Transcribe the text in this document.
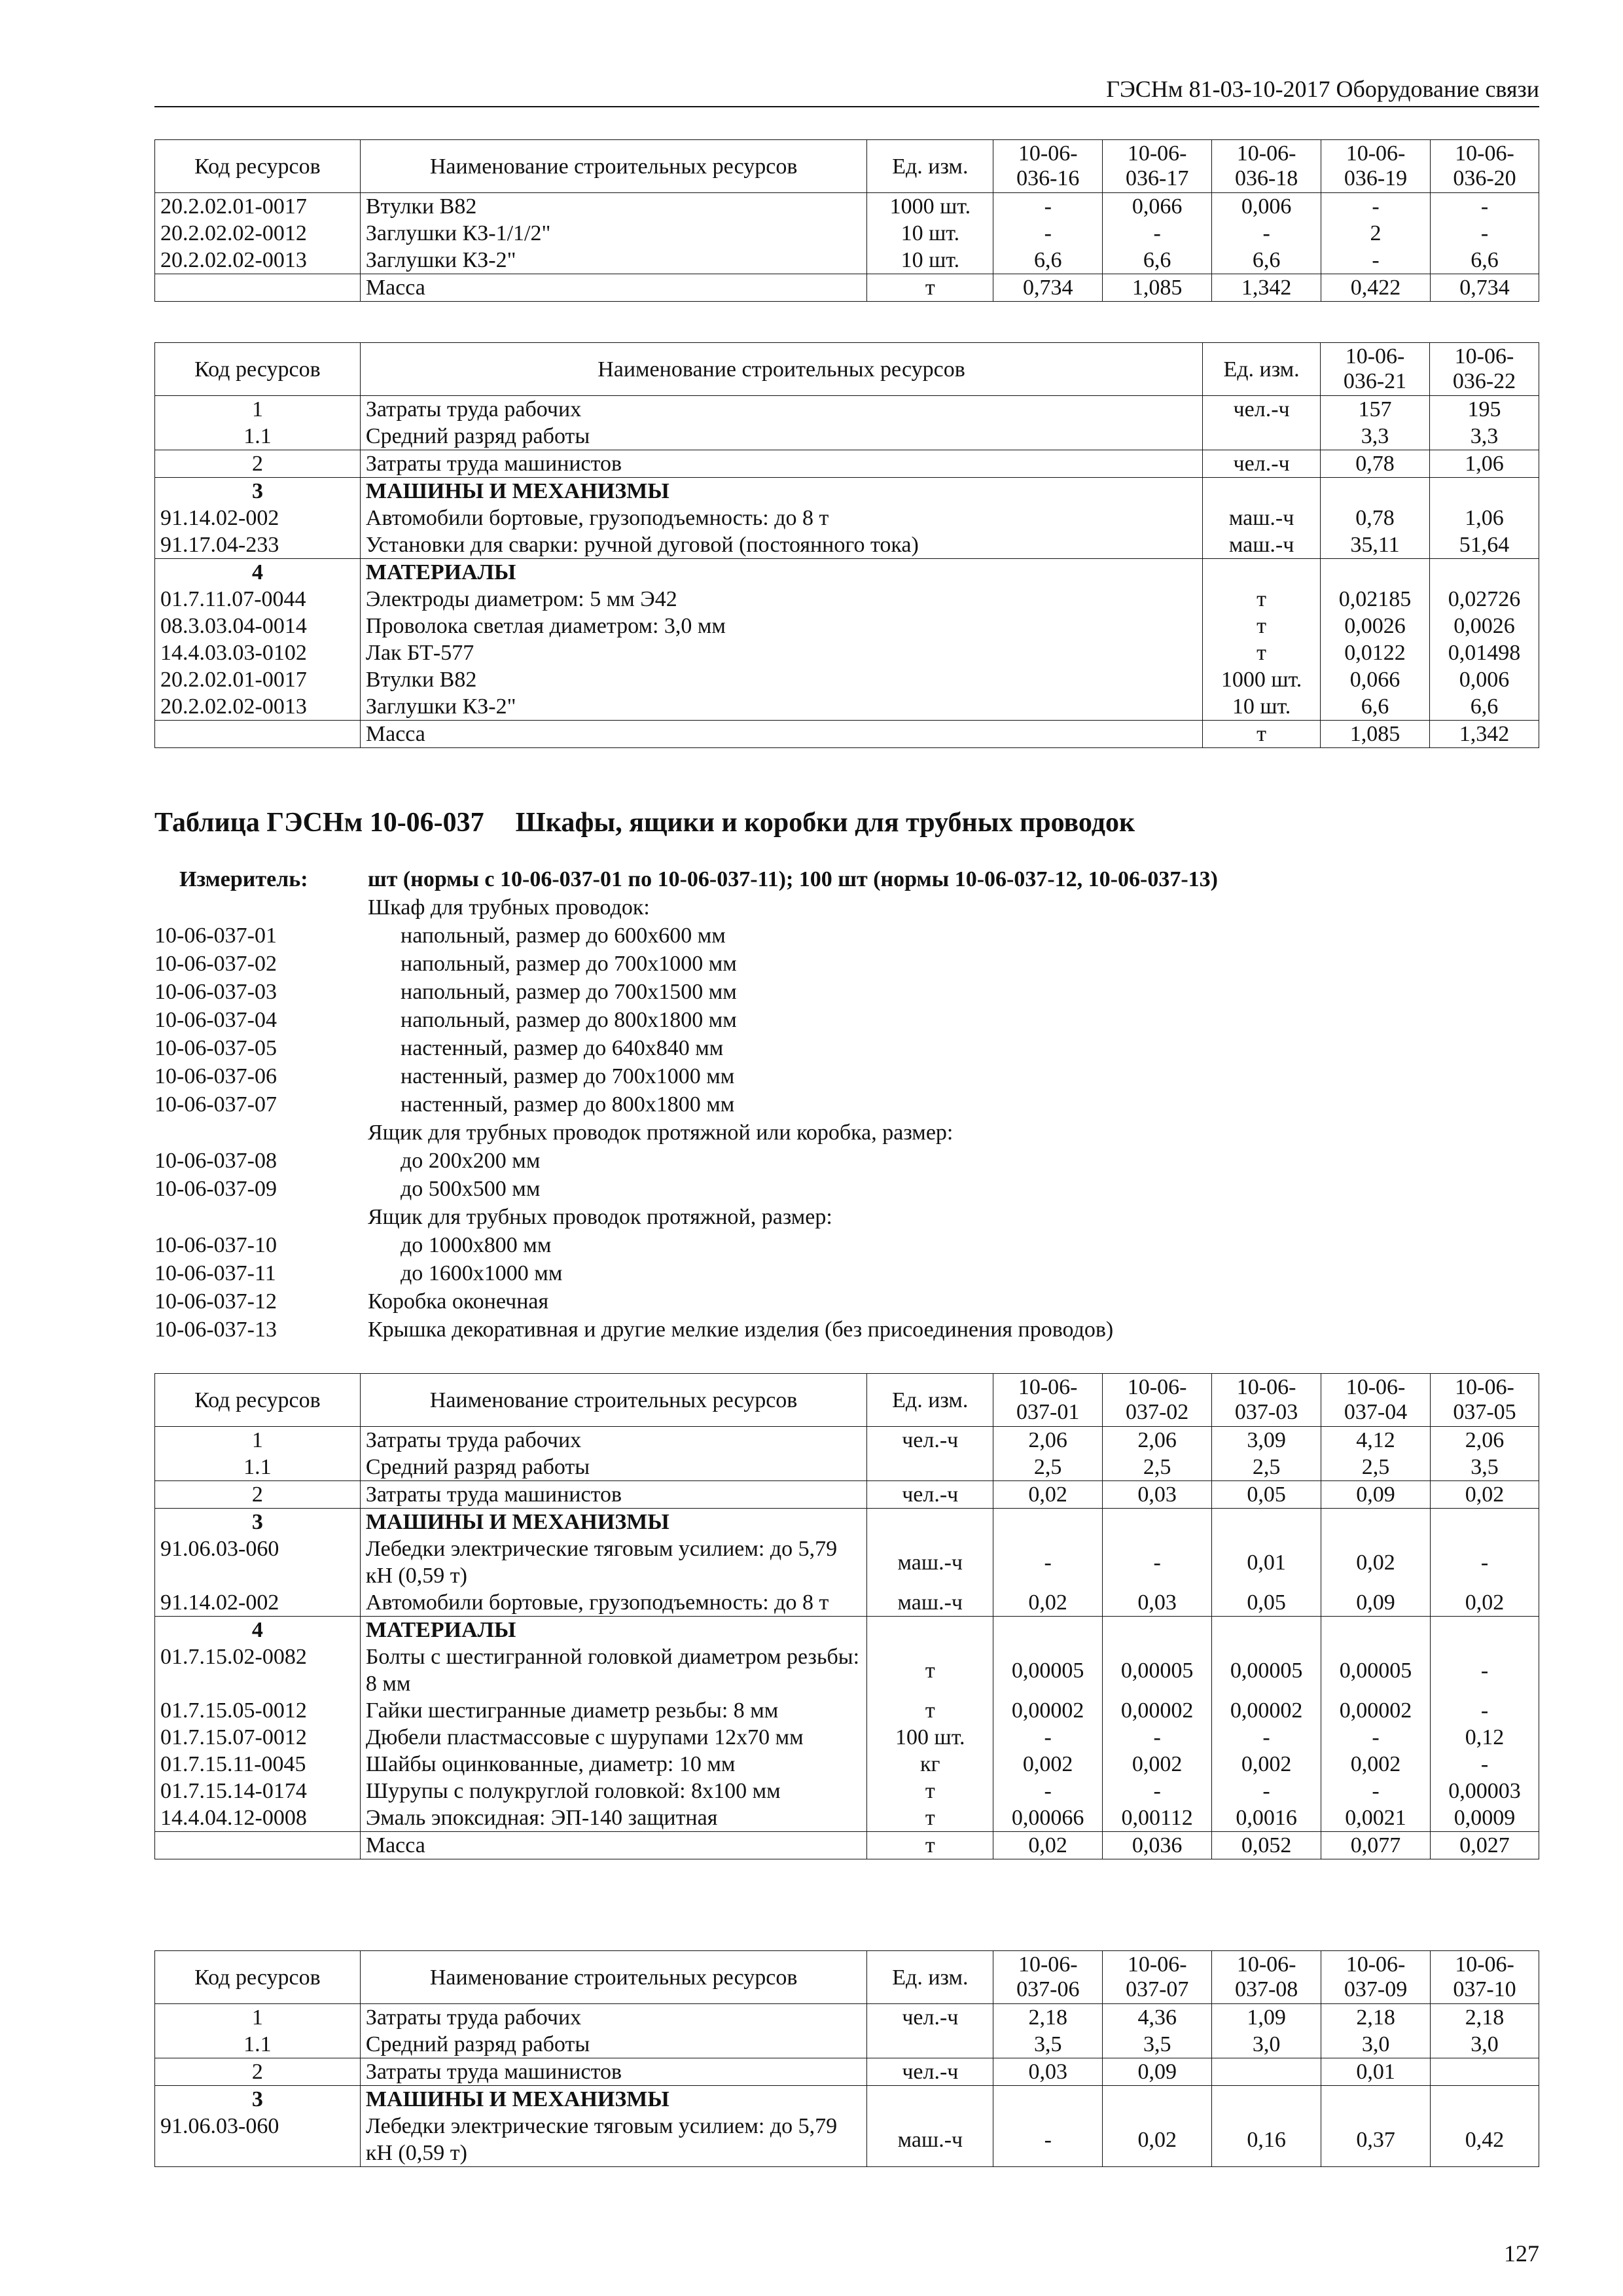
ГЭСНм 81-03-10-2017 Оборудование связи
Код ресурсов	Наименование строительных ресурсов	Ед. изм.	10-06-036-16	10-06-036-17	10-06-036-18	10-06-036-19	10-06-036-20
20.2.02.01-0017	Втулки В82	1000 шт.	-	0,066	0,006	-	-
20.2.02.02-0012	Заглушки КЗ-1/1/2"	10 шт.	-	-	-	2	-
20.2.02.02-0013	Заглушки КЗ-2"	10 шт.	6,6	6,6	6,6	-	6,6
	Масса	т	0,734	1,085	1,342	0,422	0,734
Код ресурсов	Наименование строительных ресурсов	Ед. изм.	10-06-036-21	10-06-036-22
1	Затраты труда рабочих	чел.-ч	157	195
1.1	Средний разряд работы		3,3	3,3
2	Затраты труда машинистов	чел.-ч	0,78	1,06
3	МАШИНЫ И МЕХАНИЗМЫ			
91.14.02-002	Автомобили бортовые, грузоподъемность: до 8 т	маш.-ч	0,78	1,06
91.17.04-233	Установки для сварки: ручной дуговой (постоянного тока)	маш.-ч	35,11	51,64
4	МАТЕРИАЛЫ			
01.7.11.07-0044	Электроды диаметром: 5 мм Э42	т	0,02185	0,02726
08.3.03.04-0014	Проволока светлая диаметром: 3,0 мм	т	0,0026	0,0026
14.4.03.03-0102	Лак БТ-577	т	0,0122	0,01498
20.2.02.01-0017	Втулки В82	1000 шт.	0,066	0,006
20.2.02.02-0013	Заглушки КЗ-2"	10 шт.	6,6	6,6
	Масса	т	1,085	1,342
Таблица ГЭСНм 10-06-037 Шкафы, ящики и коробки для трубных проводок
Измеритель:	шт (нормы с 10-06-037-01 по 10-06-037-11); 100 шт (нормы 10-06-037-12, 10-06-037-13)
Шкаф для трубных проводок:
10-06-037-01	напольный, размер до 600х600 мм
10-06-037-02	напольный, размер до 700х1000 мм
10-06-037-03	напольный, размер до 700х1500 мм
10-06-037-04	напольный, размер до 800х1800 мм
10-06-037-05	настенный, размер до 640х840 мм
10-06-037-06	настенный, размер до 700х1000 мм
10-06-037-07	настенный, размер до 800х1800 мм
Ящик для трубных проводок протяжной или коробка, размер:
10-06-037-08	до 200х200 мм
10-06-037-09	до 500х500 мм
Ящик для трубных проводок протяжной, размер:
10-06-037-10	до 1000х800 мм
10-06-037-11	до 1600х1000 мм
10-06-037-12	Коробка оконечная
10-06-037-13	Крышка декоративная и другие мелкие изделия (без присоединения проводов)
Код ресурсов	Наименование строительных ресурсов	Ед. изм.	10-06-037-01	10-06-037-02	10-06-037-03	10-06-037-04	10-06-037-05
1	Затраты труда рабочих	чел.-ч	2,06	2,06	3,09	4,12	2,06
1.1	Средний разряд работы		2,5	2,5	2,5	2,5	3,5
2	Затраты труда машинистов	чел.-ч	0,02	0,03	0,05	0,09	0,02
3	МАШИНЫ И МЕХАНИЗМЫ						
91.06.03-060	Лебедки электрические тяговым усилием: до 5,79 кН (0,59 т)	маш.-ч	-	-	0,01	0,02	-
91.14.02-002	Автомобили бортовые, грузоподъемность: до 8 т	маш.-ч	0,02	0,03	0,05	0,09	0,02
4	МАТЕРИАЛЫ						
01.7.15.02-0082	Болты с шестигранной головкой диаметром резьбы: 8 мм	т	0,00005	0,00005	0,00005	0,00005	-
01.7.15.05-0012	Гайки шестигранные диаметр резьбы: 8 мм	т	0,00002	0,00002	0,00002	0,00002	-
01.7.15.07-0012	Дюбели пластмассовые с шурупами 12х70 мм	100 шт.	-	-	-	-	0,12
01.7.15.11-0045	Шайбы оцинкованные, диаметр: 10 мм	кг	0,002	0,002	0,002	0,002	-
01.7.15.14-0174	Шурупы с полукруглой головкой: 8х100 мм	т	-	-	-	-	0,00003
14.4.04.12-0008	Эмаль эпоксидная: ЭП-140 защитная	т	0,00066	0,00112	0,0016	0,0021	0,0009
	Масса	т	0,02	0,036	0,052	0,077	0,027
Код ресурсов	Наименование строительных ресурсов	Ед. изм.	10-06-037-06	10-06-037-07	10-06-037-08	10-06-037-09	10-06-037-10
1	Затраты труда рабочих	чел.-ч	2,18	4,36	1,09	2,18	2,18
1.1	Средний разряд работы		3,5	3,5	3,0	3,0	3,0
2	Затраты труда машинистов	чел.-ч	0,03	0,09		0,01	
3	МАШИНЫ И МЕХАНИЗМЫ						
91.06.03-060	Лебедки электрические тяговым усилием: до 5,79 кН (0,59 т)	маш.-ч	-	0,02	0,16	0,37	0,42
127
